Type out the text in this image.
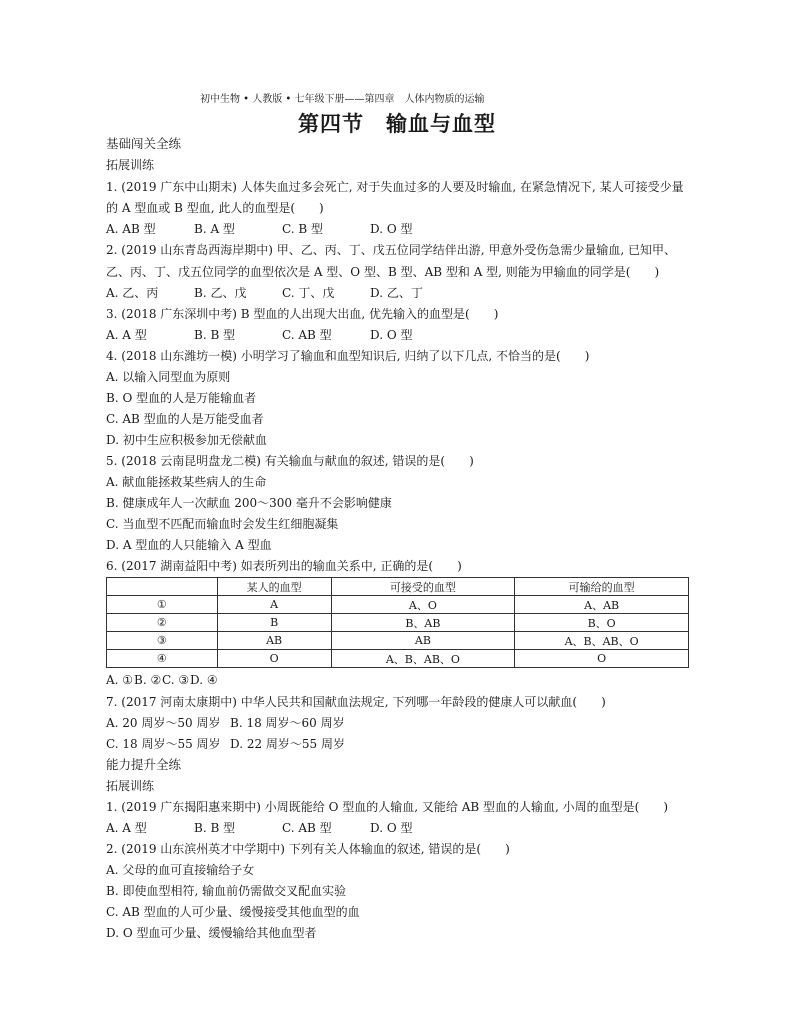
初中生物 • 人教版 • 七年级下册——第四章　人体内物质的运输
第四节　输血与血型
基础闯关全练
拓展训练
1. (2019 广东中山期末) 人体失血过多会死亡, 对于失血过多的人要及时输血, 在紧急情况下, 某人可接受少量
的 A 型血或 B 型血, 此人的血型是(　　)
A. AB 型	B. A 型	C. B 型	D. O 型
2. (2019 山东青岛西海岸期中) 甲、乙、丙、丁、戊五位同学结伴出游, 甲意外受伤急需少量输血, 已知甲、
乙、丙、丁、戊五位同学的血型依次是 A 型、O 型、B 型、AB 型和 A 型, 则能为甲输血的同学是(　　)
A. 乙、丙	B. 乙、戊	C. 丁、戊	D. 乙、丁
3. (2018 广东深圳中考) B 型血的人出现大出血, 优先输入的血型是(　　)
A. A 型	B. B 型	C. AB 型	D. O 型
4. (2018 山东潍坊一模) 小明学习了输血和血型知识后, 归纳了以下几点, 不恰当的是(　　)
A. 以输入同型血为原则
B. O 型血的人是万能输血者
C. AB 型血的人是万能受血者
D. 初中生应积极参加无偿献血
5. (2018 云南昆明盘龙二模) 有关输血与献血的叙述, 错误的是(　　)
A. 献血能拯救某些病人的生命
B. 健康成年人一次献血 200～300 毫升不会影响健康
C. 当血型不匹配而输血时会发生红细胞凝集
D. A 型血的人只能输入 A 型血
6. (2017 湖南益阳中考) 如表所列出的输血关系中, 正确的是(　　)
	某人的血型	可接受的血型	可输给的血型
①	A	A、O	A、AB
②	B	B、AB	B、O
③	AB	AB	A、B、AB、O
④	O	A、B、AB、O	O
A. ①B. ②C. ③D. ④
7. (2017 河南太康期中) 中华人民共和国献血法规定, 下列哪一年龄段的健康人可以献血(　　)
A. 20 周岁～50 周岁 B. 18 周岁～60 周岁
C. 18 周岁～55 周岁 D. 22 周岁～55 周岁
能力提升全练
拓展训练
1. (2019 广东揭阳惠来期中) 小周既能给 O 型血的人输血, 又能给 AB 型血的人输血, 小周的血型是(　　)
A. A 型	B. B 型	C. AB 型	D. O 型
2. (2019 山东滨州英才中学期中) 下列有关人体输血的叙述, 错误的是(　　)
A. 父母的血可直接输给子女
B. 即使血型相符, 输血前仍需做交叉配血实验
C. AB 型血的人可少量、缓慢接受其他血型的血
D. O 型血可少量、缓慢输给其他血型者
